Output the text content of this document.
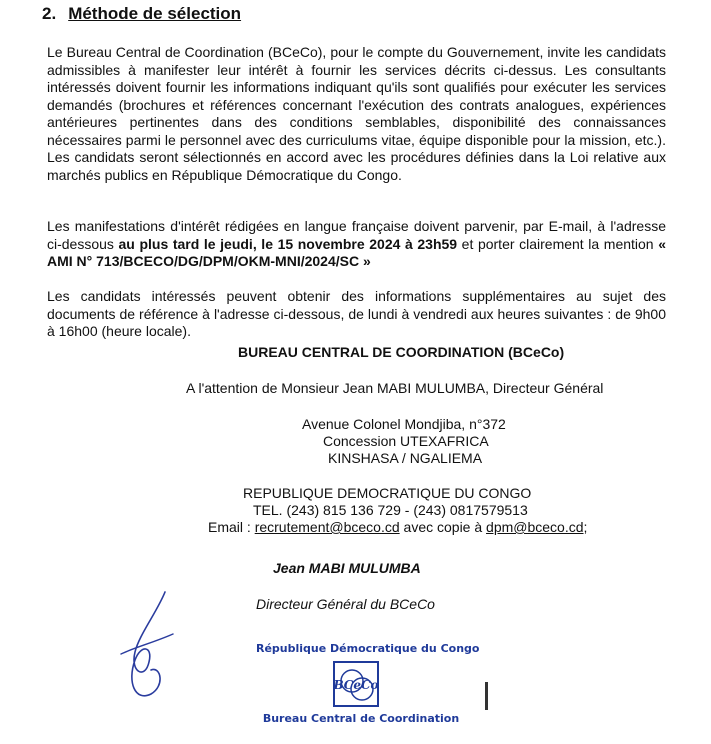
2. Méthode de sélection

Le Bureau Central de Coordination (BCeCo), pour le compte du Gouvernement, invite les candidats admissibles à manifester leur intérêt à fournir les services décrits ci-dessus. Les consultants intéressés doivent fournir les informations indiquant qu'ils sont qualifiés pour exécuter les services demandés (brochures et références concernant l'exécution des contrats analogues, expériences antérieures pertinentes dans des conditions semblables, disponibilité des connaissances nécessaires parmi le personnel avec des curriculums vitae, équipe disponible pour la mission, etc.). Les candidats seront sélectionnés en accord avec les procédures définies dans la Loi relative aux marchés publics en République Démocratique du Congo.

Les manifestations d'intérêt rédigées en langue française doivent parvenir, par E-mail, à l'adresse ci-dessous au plus tard le jeudi, le 15 novembre 2024 à 23h59 et porter clairement la mention « AMI N° 713/BCECO/DG/DPM/OKM-MNI/2024/SC »

Les candidats intéressés peuvent obtenir des informations supplémentaires au sujet des documents de référence à l'adresse ci-dessous, de lundi à vendredi aux heures suivantes : de 9h00 à 16h00 (heure locale).

BUREAU CENTRAL DE COORDINATION (BCeCo)

A l'attention de Monsieur Jean MABI MULUMBA, Directeur Général

Avenue Colonel Mondjiba, n°372

Concession UTEXAFRICA

KINSHASA / NGALIEMA

REPUBLIQUE DEMOCRATIQUE DU CONGO

TEL. (243) 815 136 729 - (243) 0817579513

Email : recrutement@bceco.cd avec copie à dpm@bceco.cd;

Jean MABI MULUMBA

Directeur Général du BCeCo

République Démocratique du Congo
BCeCo
Bureau Central de Coordination
